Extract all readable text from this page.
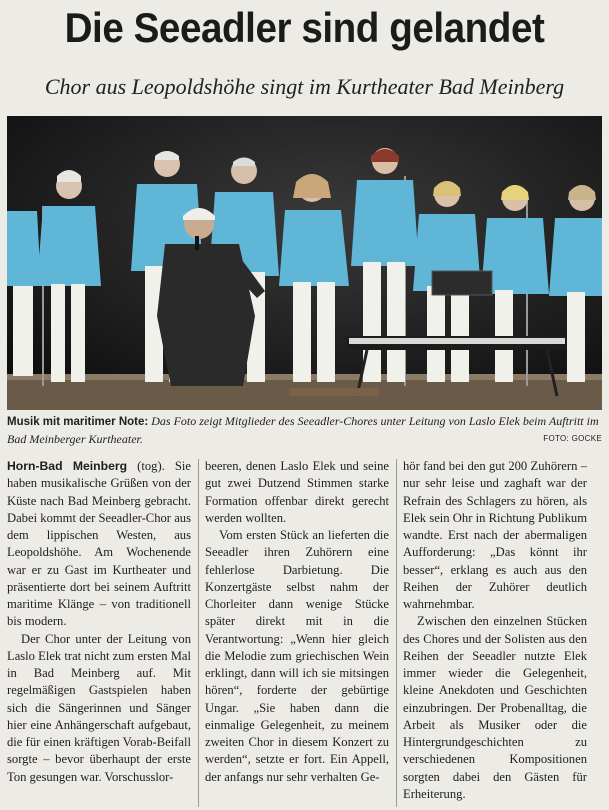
Die Seeadler sind gelandet
Chor aus Leopoldshöhe singt im Kurtheater Bad Meinberg
Musik mit maritimer Note: Das Foto zeigt Mitglieder des Seeadler-Chores unter Leitung von Laslo Elek beim Auftritt im Bad Meinberger Kurtheater.	FOTO: GOCKE

Horn-Bad Meinberg (tog). Sie haben musikalische Grüßen von der Küste nach Bad Meinberg gebracht. Dabei kommt der Seeadler-Chor aus dem lippischen Westen, aus Leopoldshöhe. Am Wochenende war er zu Gast im Kurtheater und präsentierte dort bei seinem Auftritt maritime Klänge – von traditionell bis modern.

Der Chor unter der Leitung von Laslo Elek trat nicht zum ersten Mal in Bad Meinberg auf. Mit regelmäßigen Gastspielen haben sich die Sängerinnen und Sänger hier eine Anhängerschaft aufgebaut, die für einen kräftigen Vorab-Beifall sorgte – bevor überhaupt der erste Ton gesungen war. Vorschusslor-

beeren, denen Laslo Elek und seine gut zwei Dutzend Stimmen starke Formation offenbar direkt gerecht werden wollten.

Vom ersten Stück an lieferten die Seeadler ihren Zuhörern eine fehlerlose Darbietung. Die Konzertgäste selbst nahm der Chorleiter dann wenige Stücke später direkt mit in die Verantwortung: „Wenn hier gleich die Melodie zum griechischen Wein erklingt, dann will ich sie mitsingen hören“, forderte der gebürtige Ungar. „Sie haben dann die einmalige Gelegenheit, zu meinem zweiten Chor in diesem Konzert zu werden“, setzte er fort. Ein Appell, der anfangs nur sehr verhalten Ge-

hör fand bei den gut 200 Zuhörern – nur sehr leise und zaghaft war der Refrain des Schlagers zu hören, als Elek sein Ohr in Richtung Publikum wandte. Erst nach der abermaligen Aufforderung: „Das könnt ihr besser“, erklang es auch aus den Reihen der Zuhörer deutlich wahrnehmbar.

Zwischen den einzelnen Stücken des Chores und der Solisten aus den Reihen der Seeadler nutzte Elek immer wieder die Gelegenheit, kleine Anekdoten und Geschichten einzubringen. Der Probenalltag, die Arbeit als Musiker oder die Hintergrundgeschichten zu verschiedenen Kompositionen sorgten dabei den Gästen für Erheiterung.
